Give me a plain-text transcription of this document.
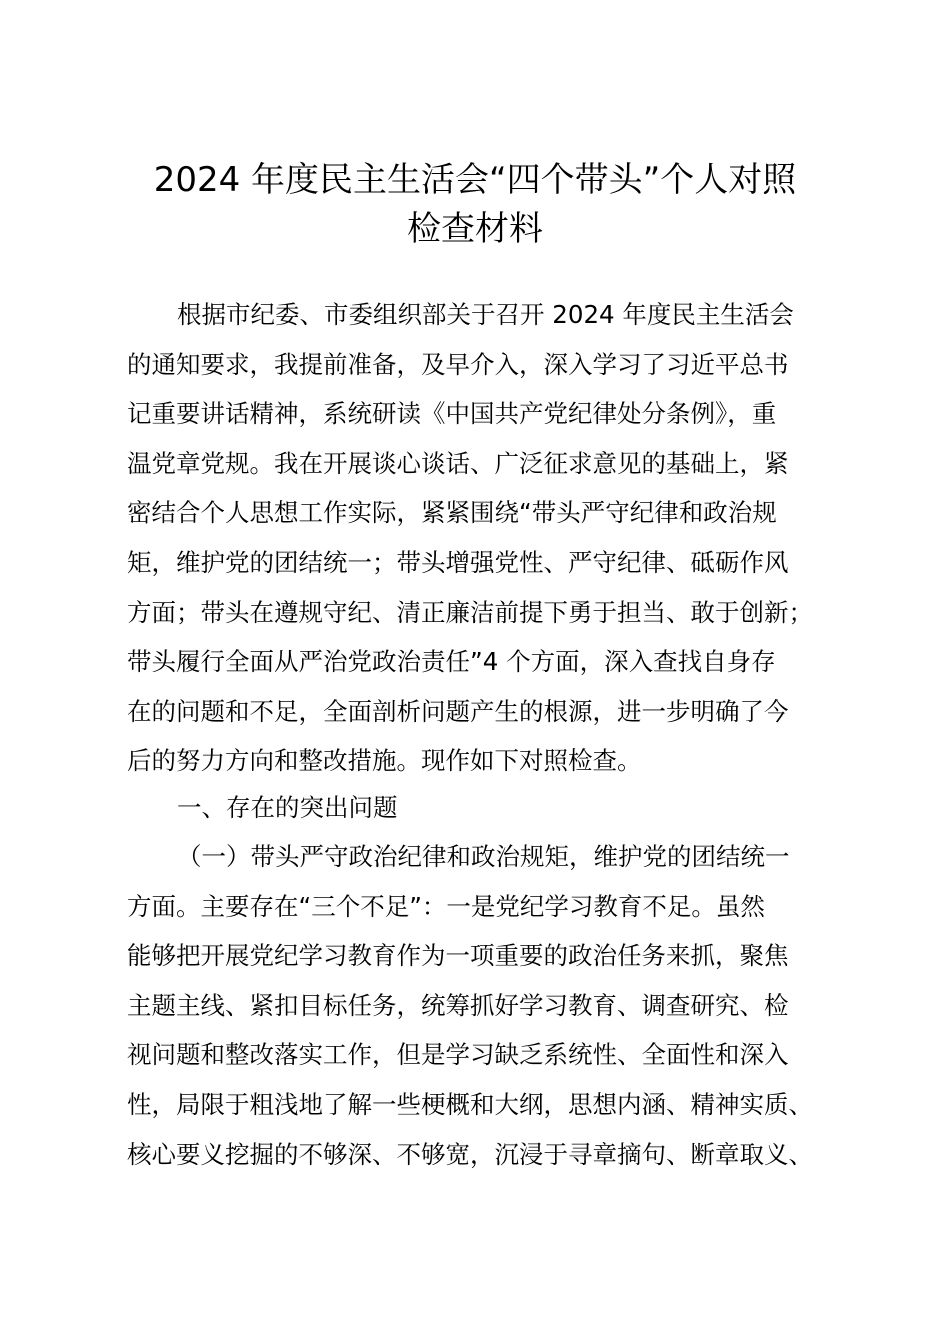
2024 年度民主生活会“四个带头”个人对照
检查材料
根据市纪委、市委组织部关于召开 2024 年度民主生活会
的通知要求，我提前准备，及早介入，深入学习了习近平总书
记重要讲话精神，系统研读《中国共产党纪律处分条例》，重
温党章党规。我在开展谈心谈话、广泛征求意见的基础上，紧
密结合个人思想工作实际，紧紧围绕“带头严守纪律和政治规
矩，维护党的团结统一；带头增强党性、严守纪律、砥砺作风
方面；带头在遵规守纪、清正廉洁前提下勇于担当、敢于创新；
带头履行全面从严治党政治责任”4 个方面，深入查找自身存
在的问题和不足，全面剖析问题产生的根源，进一步明确了今
后的努力方向和整改措施。现作如下对照检查。
一、存在的突出问题
（一）带头严守政治纪律和政治规矩，维护党的团结统一
方面。主要存在“三个不足”：一是党纪学习教育不足。虽然
能够把开展党纪学习教育作为一项重要的政治任务来抓，聚焦
主题主线、紧扣目标任务，统筹抓好学习教育、调查研究、检
视问题和整改落实工作，但是学习缺乏系统性、全面性和深入
性，局限于粗浅地了解一些梗概和大纲，思想内涵、精神实质、
核心要义挖掘的不够深、不够宽，沉浸于寻章摘句、断章取义、
